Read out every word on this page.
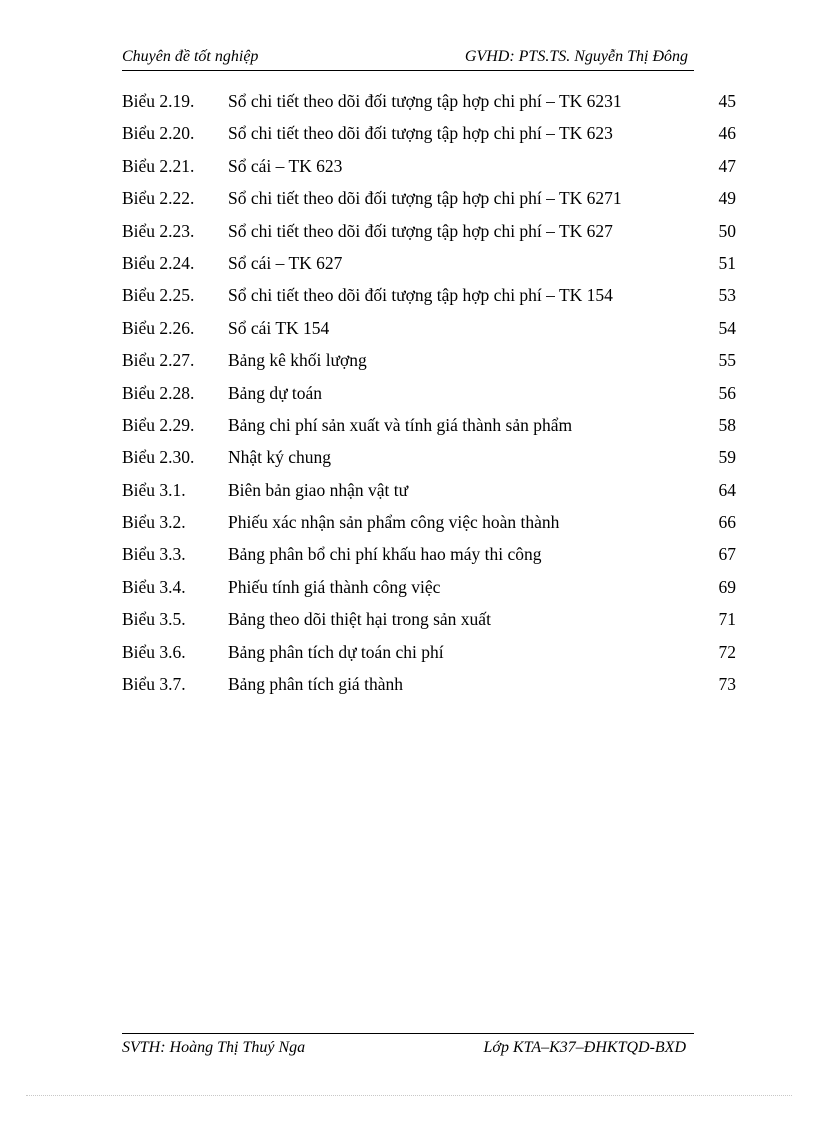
Chuyên đề tốt nghiệp	GVHD: PTS.TS. Nguyễn Thị Đông
Biểu 2.19. Sổ chi tiết theo dõi đối tượng tập hợp chi phí – TK 6231	45
Biểu 2.20. Sổ chi tiết theo dõi đối tượng tập hợp chi phí – TK 623	46
Biểu 2.21. Sổ cái – TK 623	47
Biểu 2.22. Sổ chi tiết theo dõi đối tượng tập hợp chi phí – TK 6271	49
Biểu 2.23. Sổ chi tiết theo dõi đối tượng tập hợp chi phí – TK 627	50
Biểu 2.24. Sổ cái – TK 627	51
Biểu 2.25. Sổ chi tiết theo dõi đối tượng tập hợp chi phí – TK 154	53
Biểu 2.26. Sổ cái TK 154	54
Biểu 2.27. Bảng kê khối lượng	55
Biểu 2.28. Bảng dự toán	56
Biểu 2.29. Bảng chi phí sản xuất và tính giá thành sản phẩm	58
Biểu 2.30. Nhật ký chung	59
Biểu 3.1. Biên bản giao nhận vật tư	64
Biểu 3.2. Phiếu xác nhận sản phẩm công việc hoàn thành	66
Biểu 3.3. Bảng phân bổ chi phí khấu hao máy thi công	67
Biểu 3.4. Phiếu tính giá thành công việc	69
Biểu 3.5. Bảng theo dõi thiệt hại trong sản xuất	71
Biểu 3.6. Bảng phân tích dự toán chi phí	72
Biểu 3.7. Bảng phân tích giá thành	73
SVTH: Hoàng Thị Thuý Nga	Lớp KTA–K37–ĐHKTQD-BXD
